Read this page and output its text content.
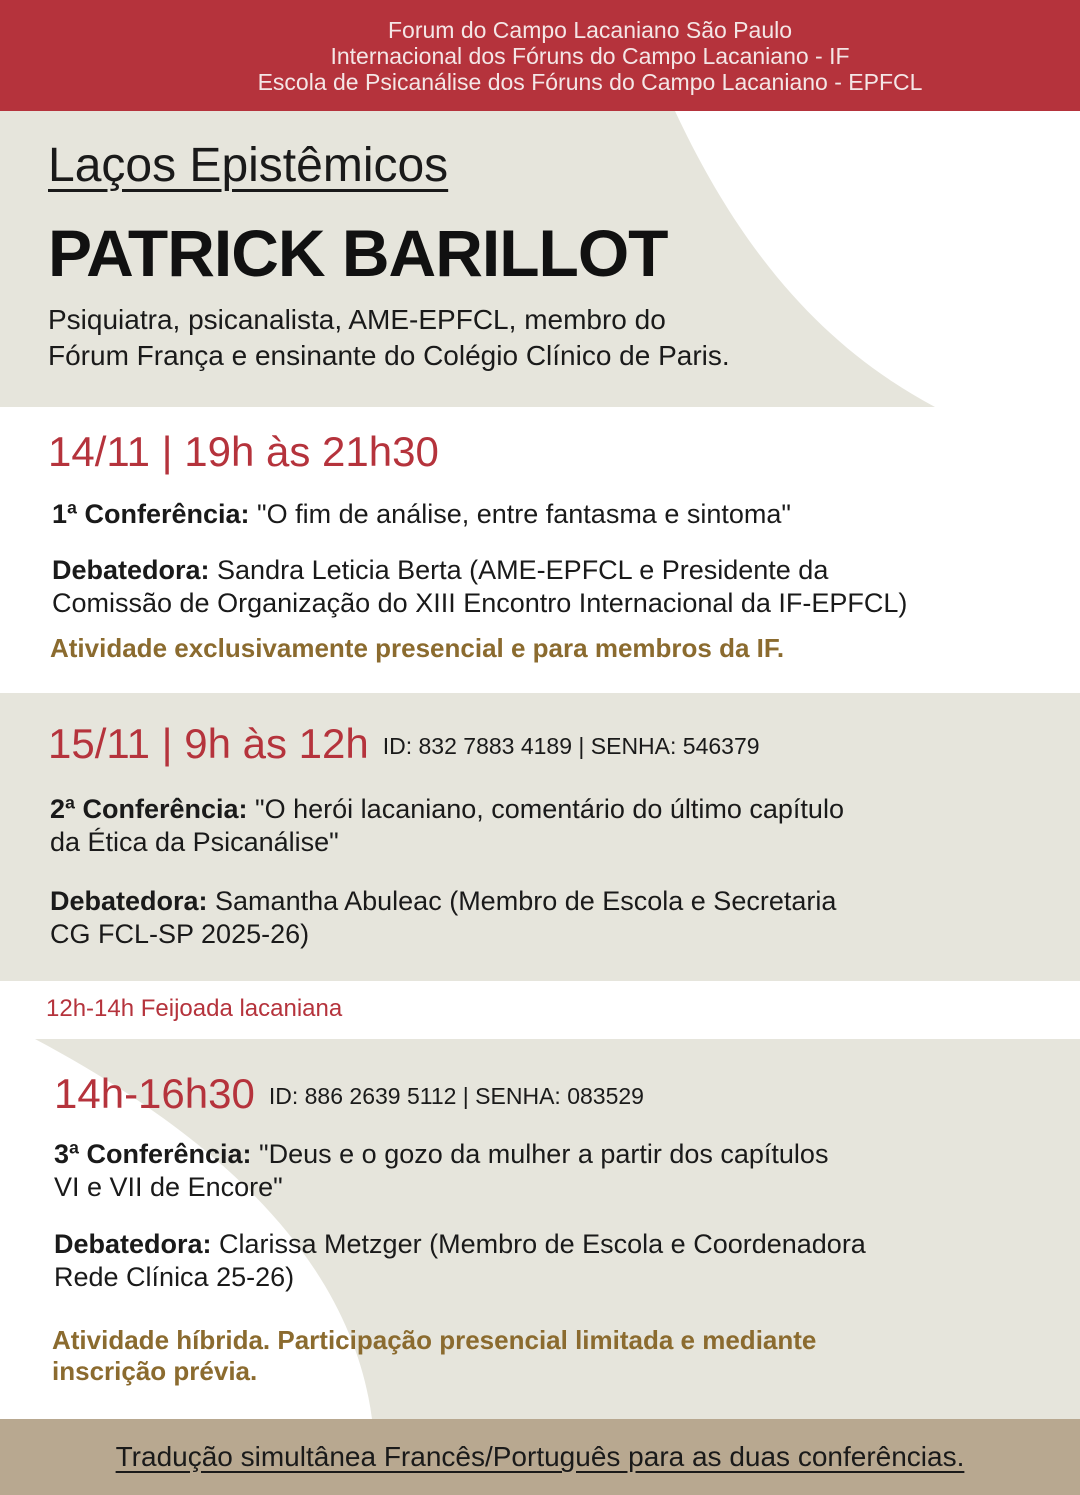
Forum do Campo Lacaniano São Paulo
Internacional dos Fóruns do Campo Lacaniano - IF
Escola de Psicanálise dos Fóruns do Campo Lacaniano - EPFCL
Laços Epistêmicos
PATRICK BARILLOT
Psiquiatra, psicanalista, AME-EPFCL, membro do
Fórum França e ensinante do Colégio Clínico de Paris.
14/11 | 19h às 21h30
1ª Conferência: "O fim de análise, entre fantasma e sintoma"
Debatedora: Sandra Leticia Berta (AME-EPFCL e Presidente da
Comissão de Organização do XIII Encontro Internacional da IF-EPFCL)
Atividade exclusivamente presencial e para membros da IF.
15/11 | 9h às 12h ID: 832 7883 4189 | SENHA: 546379
2ª Conferência: "O herói lacaniano, comentário do último capítulo
da Ética da Psicanálise"
Debatedora: Samantha Abuleac (Membro de Escola e Secretaria
CG FCL-SP 2025-26)
12h-14h Feijoada lacaniana
14h-16h30 ID: 886 2639 5112 | SENHA: 083529
3ª Conferência: "Deus e o gozo da mulher a partir dos capítulos
VI e VII de Encore"
Debatedora: Clarissa Metzger (Membro de Escola e Coordenadora
Rede Clínica 25-26)
Atividade híbrida. Participação presencial limitada e mediante
inscrição prévia.
Tradução simultânea Francês/Português para as duas conferências.
